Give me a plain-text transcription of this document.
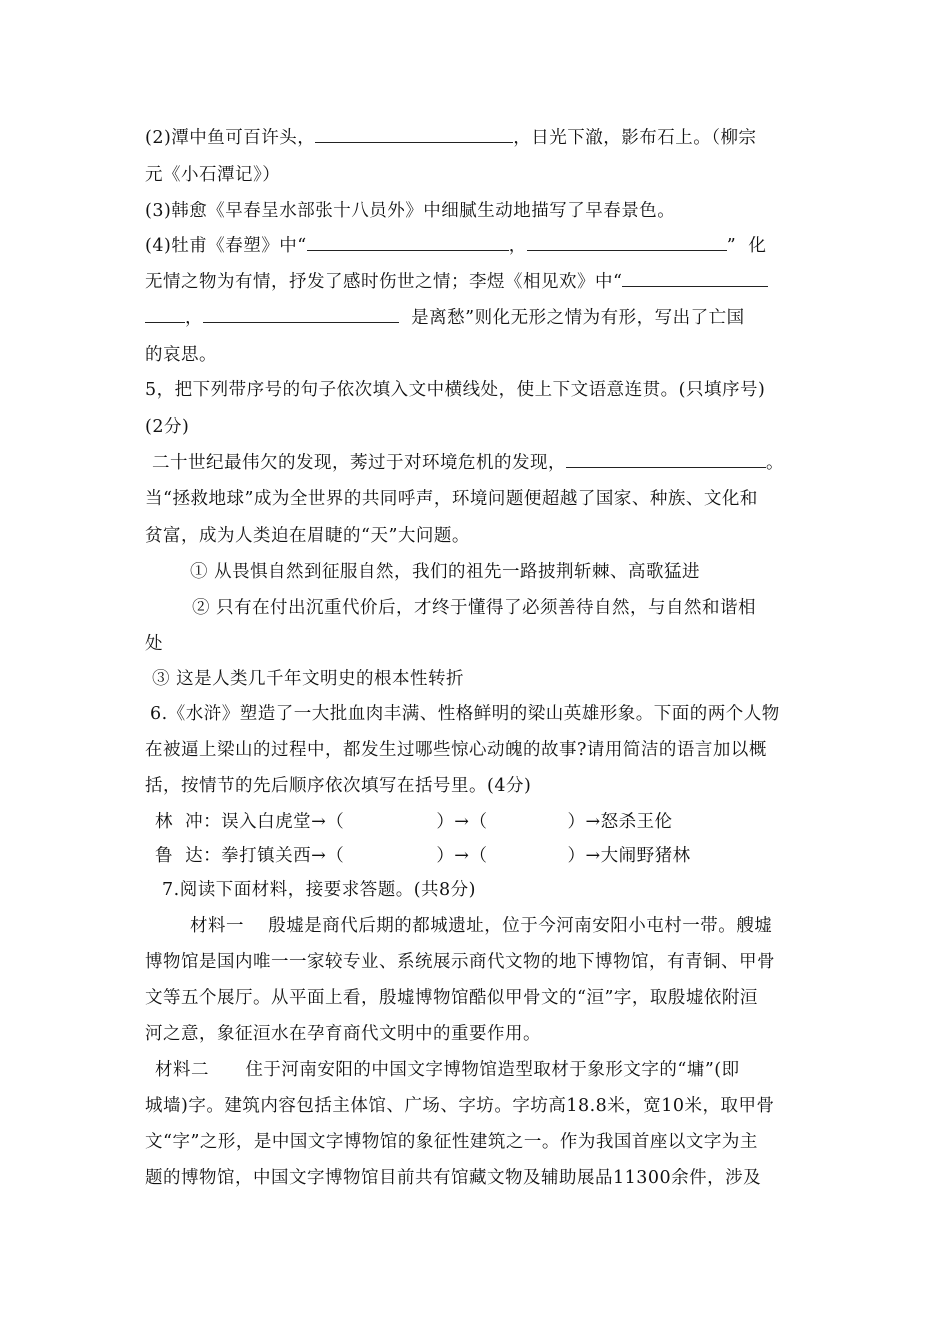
(2)潭中鱼可百许头，	，日光下澈，影布石上。（柳宗
元《小石潭记》）
(3)韩愈《早春呈水部张十八员外》中细腻生动地描写了早春景色。
(4)牡甫《春塑》中“	，	”  化
无情之物为有情，抒发了感时伤世之情；李煜《相见欢》中“
，	是离愁”则化无形之情为有形，写出了亡国
的哀思。
5，把下列带序号的句子依次填入文中横线处，使上下文语意连贯。(只填序号)
(2分)
二十世纪最伟欠的发现，莠过于对环境危机的发现，	。
当“拯救地球”成为全世界的共同呼声，环境问题便超越了国家、种族、文化和
贫富，成为人类迫在眉睫的“天”大问题。
① 从畏惧自然到征服自然，我们的祖先一路披荆斩棘、高歌猛进
② 只有在付出沉重代价后，才终于懂得了必须善待自然，与自然和谐相
处
③ 这是人类几千年文明史的根本性转折
6.《水浒》塑造了一大批血肉丰满、性格鲜明的梁山英雄形象。下面的两个人物
在被逼上梁山的过程中，都发生过哪些惊心动魄的故事?请用简洁的语言加以概
括，按情节的先后顺序依次填写在括号里。(4分)
林  冲：误入白虎堂→（	）→（	）→怒杀王伦
鲁  达：拳打镇关西→（	）→（	）→大闹野猪林
7.阅读下面材料，接要求答题。(共8分)
材料一    殷墟是商代后期的都城遗址，位于今河南安阳小屯村一带。艘墟
博物馆是国内唯一一家较专业、系统展示商代文物的地下博物馆，有青铜、甲骨
文等五个展厅。从平面上看，殷墟博物馆酷似甲骨文的“洹”字，取殷墟依附洹
河之意，象征洹水在孕育商代文明中的重要作用。
材料二      住于河南安阳的中国文字博物馆造型取材于象形文字的“墉”(即
城墙)字。建筑内容包括主体馆、广场、字坊。字坊高18.8米，宽10米，取甲骨
文“字”之形，是中国文字博物馆的象征性建筑之一。作为我国首座以文字为主
题的博物馆，中国文字博物馆目前共有馆藏文物及辅助展品11300余件，涉及
